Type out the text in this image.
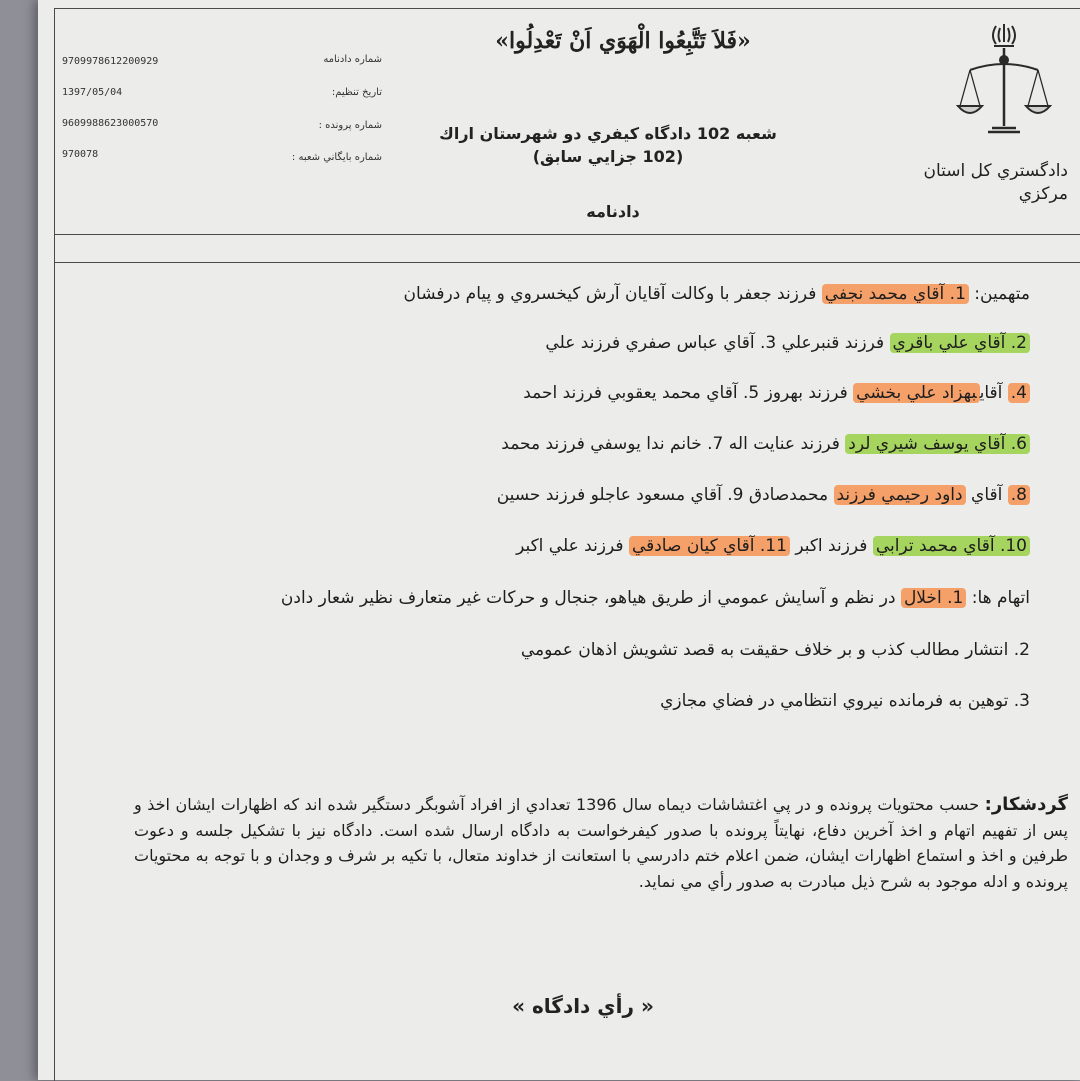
9709978612200929	شماره دادنامه
1397/05/04	تاريخ تنظيم:
9609988623000570	شماره پرونده :
970078	شماره بايگاني شعبه :
«فَلاَ تَتَّبِعُوا الْهَوَي اَنْ تَعْدِلُوا»
شعبه 102 دادگاه کيفري دو شهرستان اراك
(102 جزايي سابق)
دادنامه
دادگستري كل استان
مركزي
متهمين: 1. آقاي محمد نجفي فرزند جعفر با وكالت آقايان آرش كيخسروي و پيام درفشان
2. آقاي علي باقري فرزند قنبرعلي 3. آقاي عباس صفري فرزند علي
4. آقايبهزاد علي بخشي فرزند بهروز 5. آقاي محمد يعقوبي فرزند احمد
6. آقاي يوسف شيري لرد فرزند عنايت اله 7. خانم ندا يوسفي فرزند محمد
8. آقاي داود رحيمي فرزند محمدصادق 9. آقاي مسعود عاجلو فرزند حسين
10. آقاي محمد ترابي فرزند اكبر 11. آقاي كيان صادقي فرزند علي اكبر
اتهام ها: 1. اخلال در نظم و آسايش عمومي از طريق هياهو، جنجال و حركات غير متعارف نظير شعار دادن
2. انتشار مطالب كذب و بر خلاف حقيقت به قصد تشويش اذهان عمومي
3. توهين به فرمانده نيروي انتظامي در فضاي مجازي
گردشكار: حسب محتويات پرونده و در پي اغتشاشات ديماه سال 1396 تعدادي از افراد آشوبگر دستگير شده اند كه اظهارات ايشان اخذ و پس از تفهيم اتهام و اخذ آخرين دفاع، نهايتاً پرونده با صدور كيفرخواست به دادگاه ارسال شده است. دادگاه نيز با تشكيل جلسه و دعوت طرفين و اخذ و استماع اظهارات ايشان، ضمن اعلام ختم دادرسي با استعانت از خداوند متعال، با تكيه بر شرف و وجدان و با توجه به محتويات پرونده و ادله موجود به شرح ذيل مبادرت به صدور رأي مي نمايد.
« رأي دادگاه »
